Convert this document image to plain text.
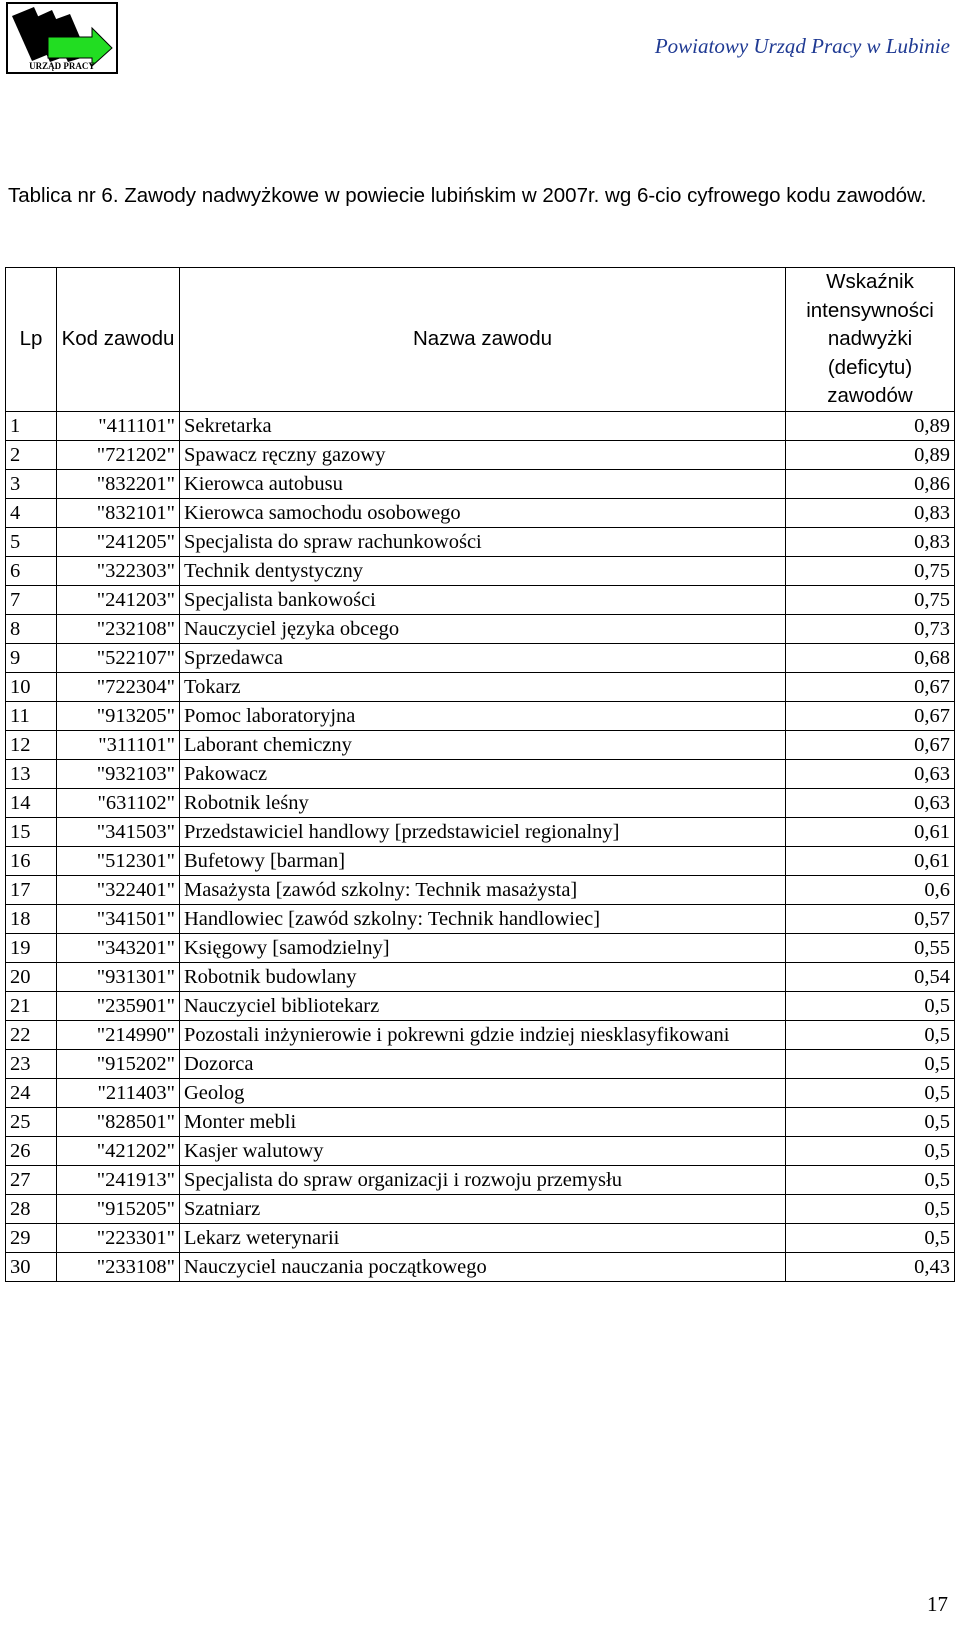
URZĄD PRACY
Powiatowy Urząd Pracy w Lubinie
Tablica nr 6. Zawody nadwyżkowe w powiecie lubińskim w 2007r. wg 6-cio cyfrowego kodu zawodów.
Lp	Kod zawodu	Nazwa zawodu	Wskaźnik intensywności nadwyżki (deficytu) zawodów
1	"411101"	Sekretarka	0,89
2	"721202"	Spawacz ręczny gazowy	0,89
3	"832201"	Kierowca autobusu	0,86
4	"832101"	Kierowca samochodu osobowego	0,83
5	"241205"	Specjalista do spraw rachunkowości	0,83
6	"322303"	Technik dentystyczny	0,75
7	"241203"	Specjalista bankowości	0,75
8	"232108"	Nauczyciel języka obcego	0,73
9	"522107"	Sprzedawca	0,68
10	"722304"	Tokarz	0,67
11	"913205"	Pomoc laboratoryjna	0,67
12	"311101"	Laborant chemiczny	0,67
13	"932103"	Pakowacz	0,63
14	"631102"	Robotnik leśny	0,63
15	"341503"	Przedstawiciel handlowy [przedstawiciel regionalny]	0,61
16	"512301"	Bufetowy [barman]	0,61
17	"322401"	Masażysta [zawód szkolny: Technik masażysta]	0,6
18	"341501"	Handlowiec [zawód szkolny: Technik handlowiec]	0,57
19	"343201"	Księgowy [samodzielny]	0,55
20	"931301"	Robotnik budowlany	0,54
21	"235901"	Nauczyciel bibliotekarz	0,5
22	"214990"	Pozostali inżynierowie i pokrewni gdzie indziej niesklasyfikowani	0,5
23	"915202"	Dozorca	0,5
24	"211403"	Geolog	0,5
25	"828501"	Monter mebli	0,5
26	"421202"	Kasjer walutowy	0,5
27	"241913"	Specjalista do spraw organizacji i rozwoju przemysłu	0,5
28	"915205"	Szatniarz	0,5
29	"223301"	Lekarz weterynarii	0,5
30	"233108"	Nauczyciel nauczania początkowego	0,43
17
